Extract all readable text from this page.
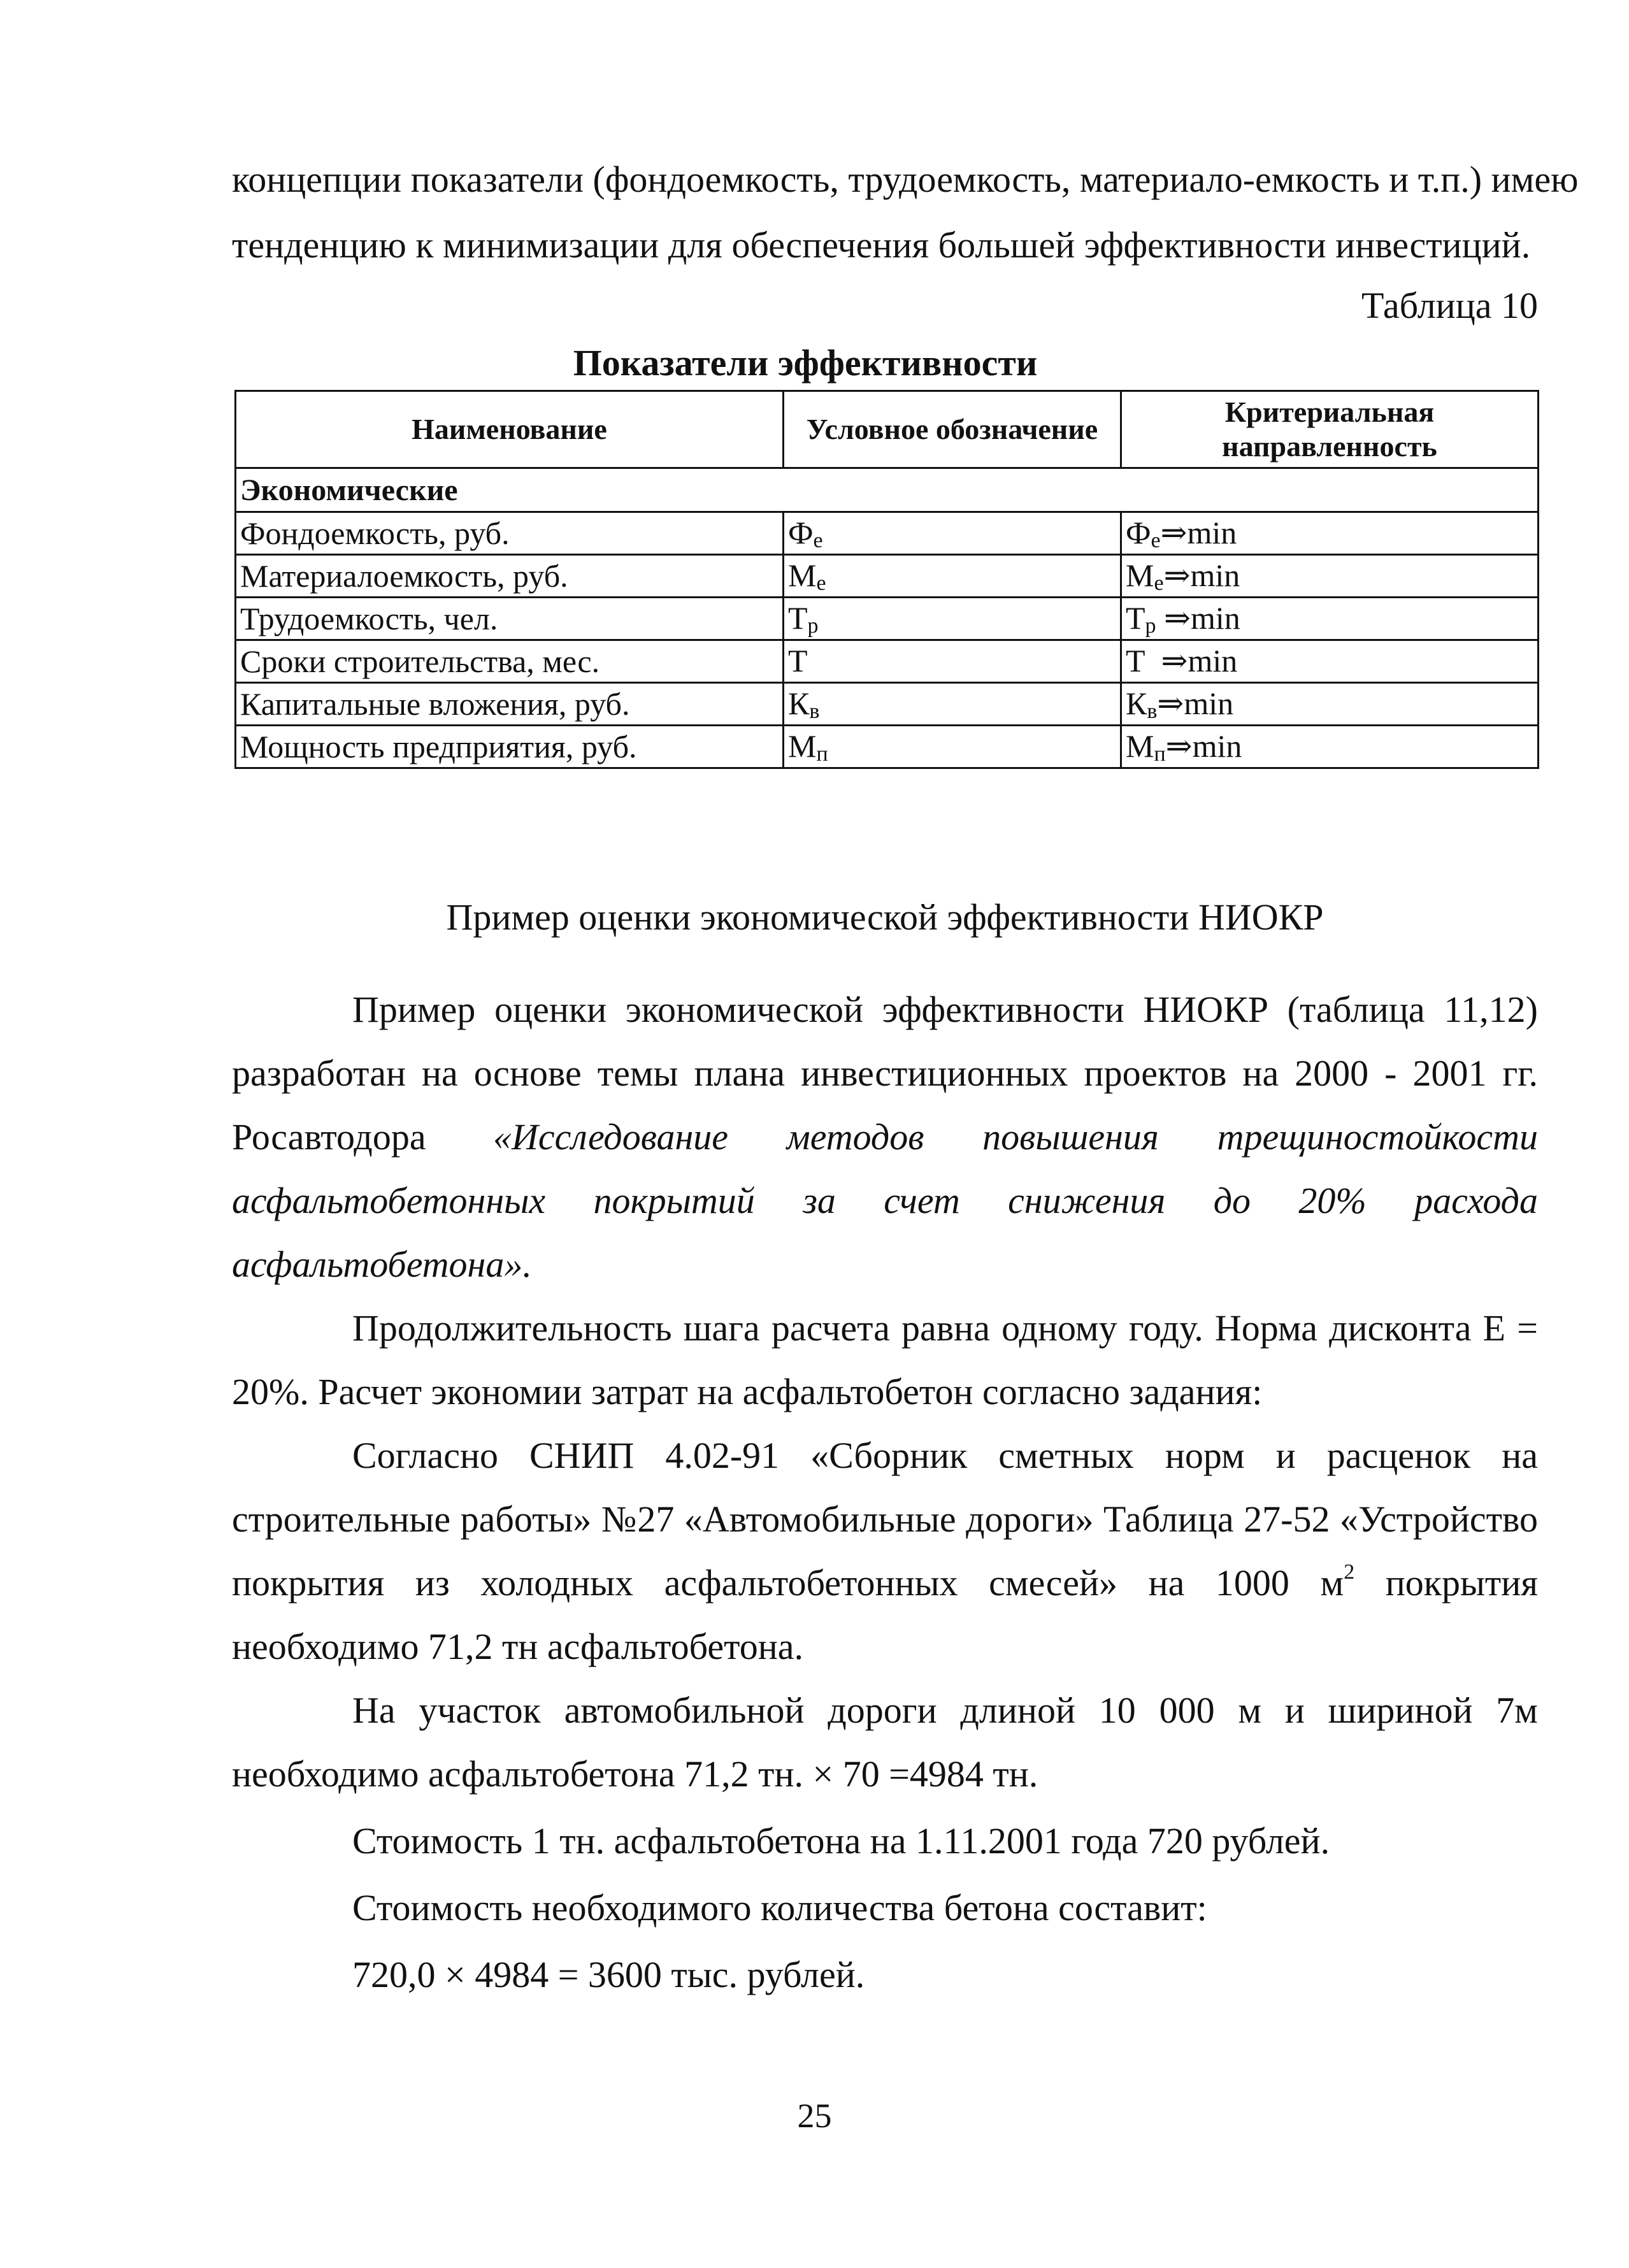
концепции показатели (фондоемкость, трудоемкость, материало-емкость и т.п.) имею
тенденцию к минимизации для обеспечения большей эффективности инвестиций.
Таблица 10
Показатели эффективности
Наименование	Условное обозначение	Критериальная
направленность
Экономические		
Фондоемкость, руб.	$Ф_е$	$Ф_е\Rightarrow\min$
Материалоемкость, руб.	$М_е$	$М_е\Rightarrow\min$
Трудоемкость, чел.	$Т_р$	$Т_р$ ⇒min
Сроки строительства, мес.	Т	Т  ⇒min
Капитальные вложения, руб.	$К_в$	$К_в\Rightarrow\min$
Мощность предприятия, руб.	$М_п$	$М_п\Rightarrow\min$
Пример оценки экономической эффективности НИОКР
Пример оценки экономической эффективности НИОКР (таблица 11,12)
разработан на основе темы плана инвестиционных проектов на 2000 - 2001 гг.
Росавтодора «Исследование методов повышения трещиностойкости
асфальтобетонных покрытий за счет снижения до 20% расхода
асфальтобетона».
Продолжительность шага расчета равна одному году. Норма дисконта Е =
20%. Расчет экономии затрат на асфальтобетон согласно задания:
Согласно СНИП 4.02-91 «Сборник сметных норм и расценок на
строительные работы» №27 «Автомобильные дороги» Таблица 27-52 «Устройство
покрытия из холодных асфальтобетонных смесей» на 1000 $м^2$ покрытия
необходимо 71,2 тн асфальтобетона.
На участок автомобильной дороги длиной 10 000 м и шириной 7м
необходимо асфальтобетона 71,2 тн. × 70 =4984 тн.
Стоимость 1 тн. асфальтобетона на 1.11.2001 года 720 рублей.
Стоимость необходимого количества бетона составит:
720,0 × 4984 = 3600 тыс. рублей.
25
